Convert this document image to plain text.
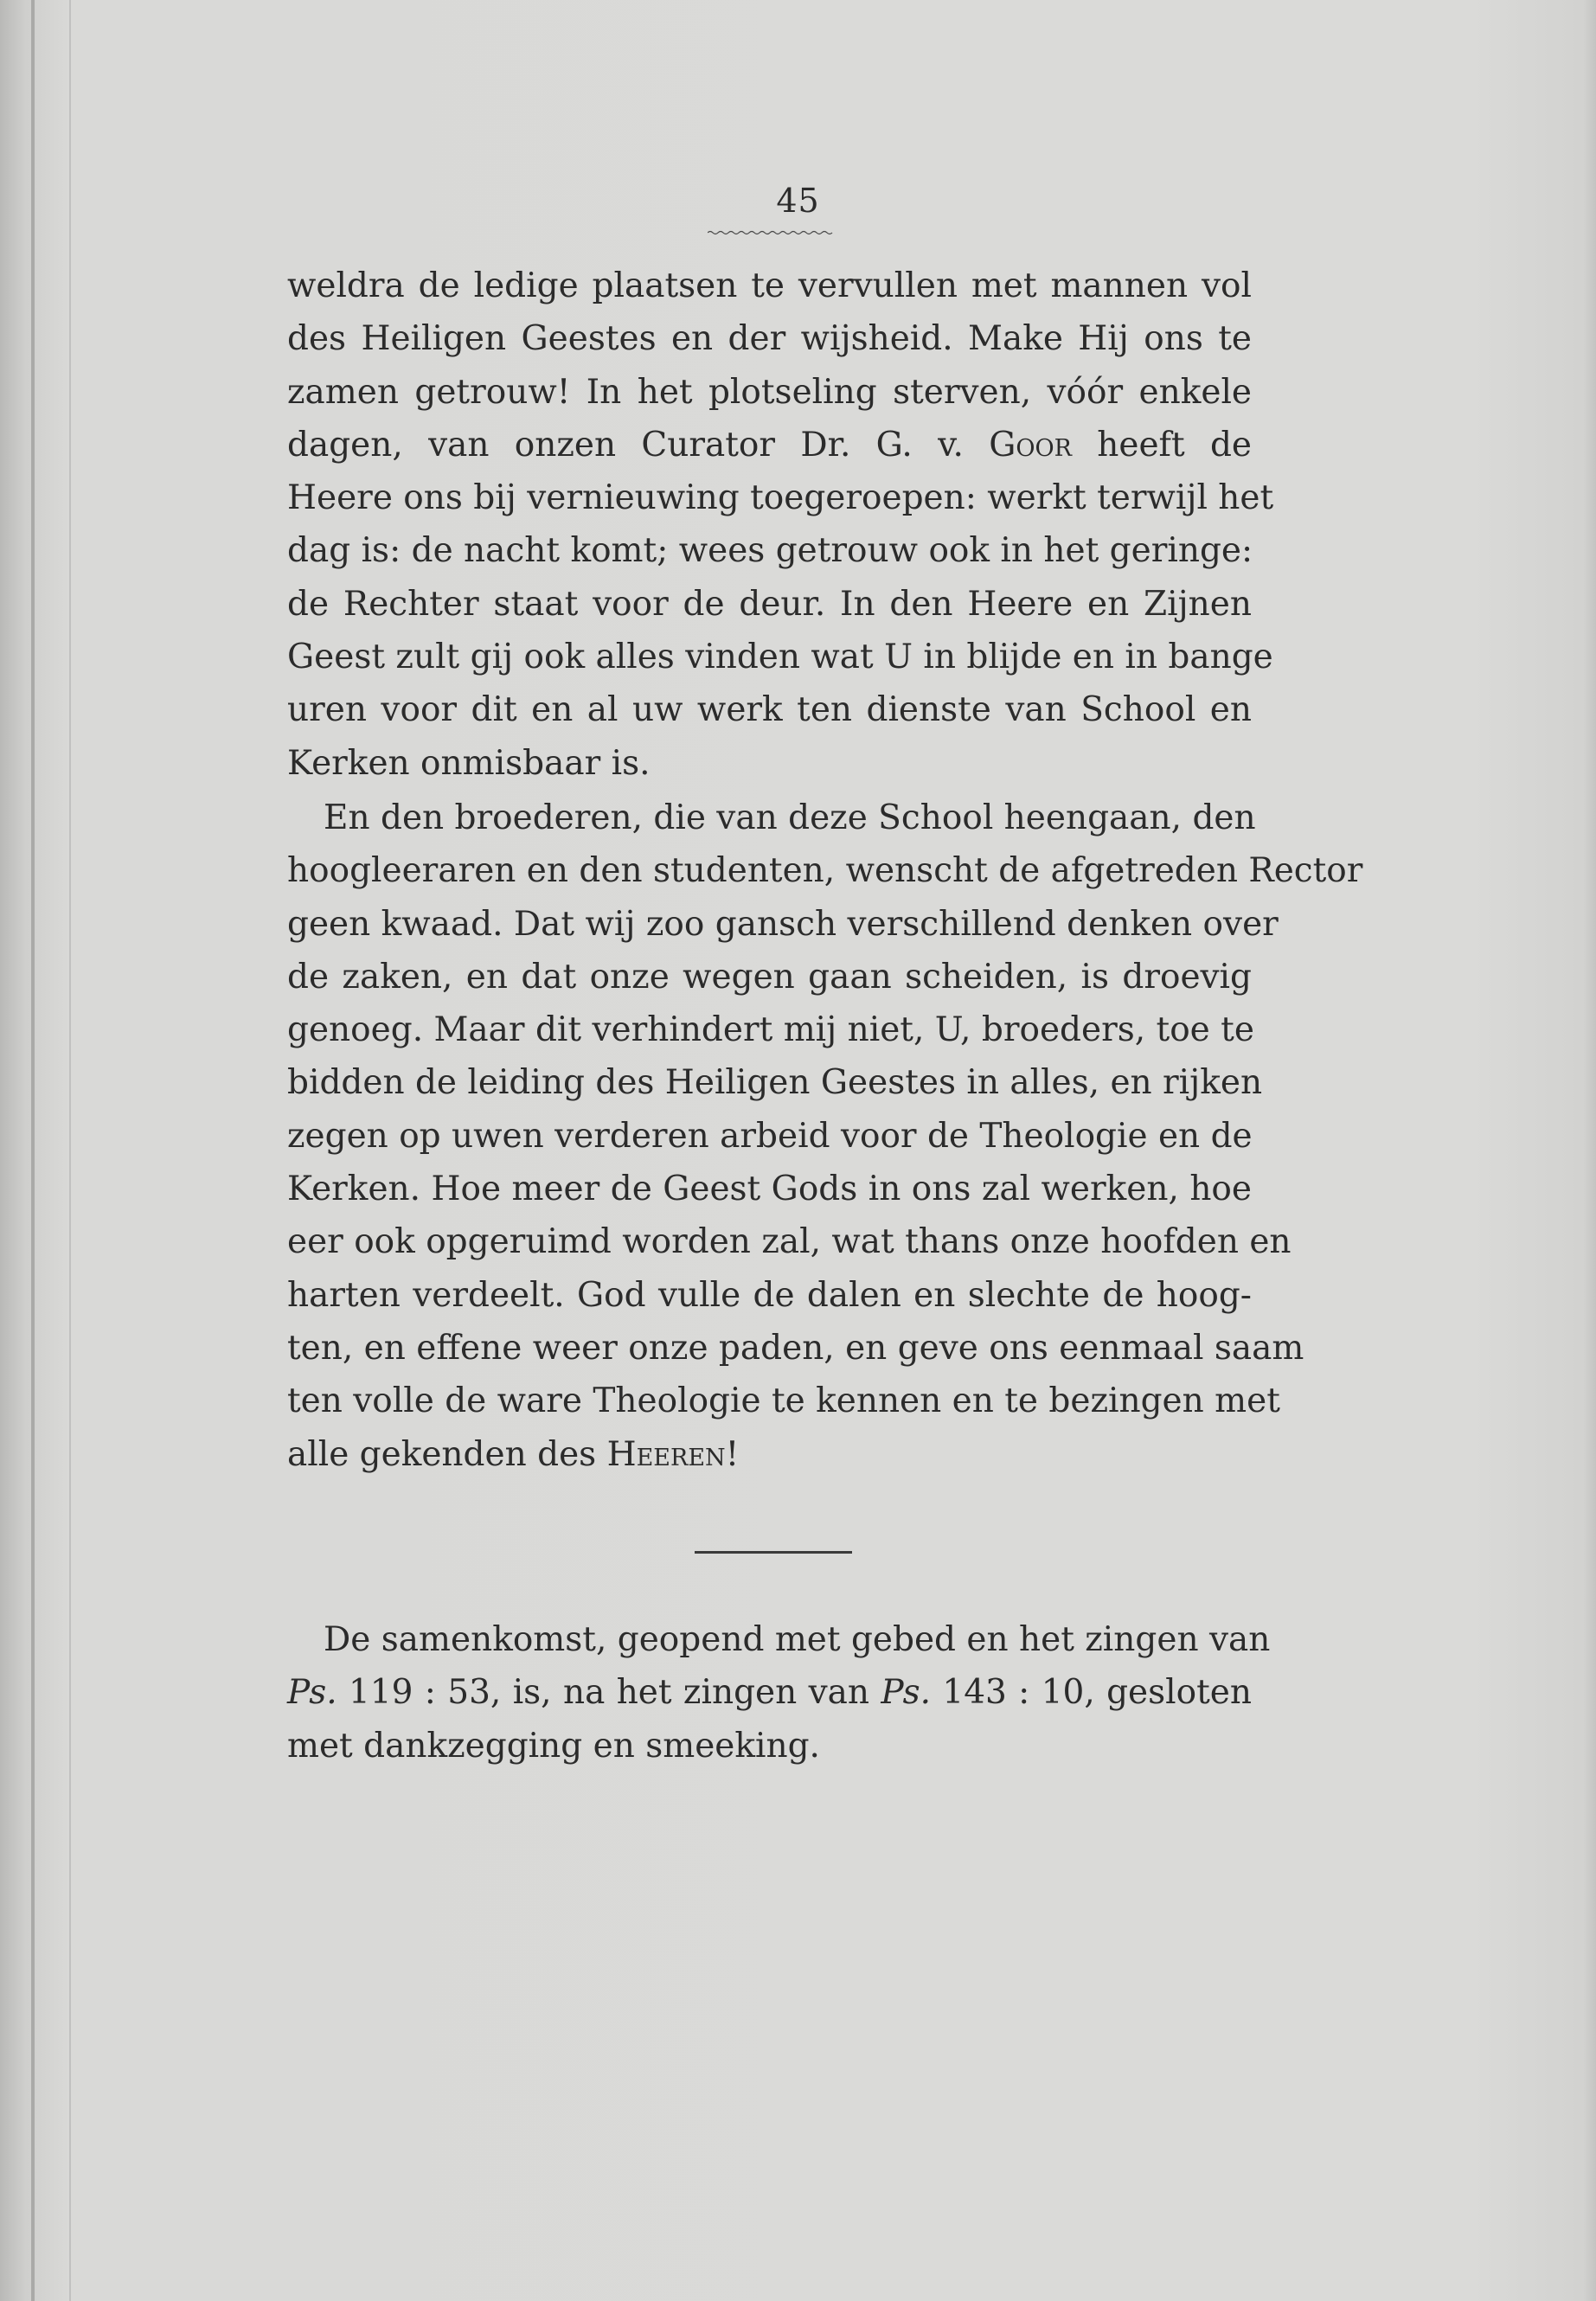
45
weldra de ledige plaatsen te vervullen met mannen vol
des Heiligen Geestes en der wijsheid. Make Hij ons te
zamen getrouw! In het plotseling sterven, vóór enkele
dagen, van onzen Curator Dr. G. v. Goor heeft de
Heere ons bij vernieuwing toegeroepen: werkt terwijl het
dag is: de nacht komt; wees getrouw ook in het geringe:
de Rechter staat voor de deur. In den Heere en Zijnen
Geest zult gij ook alles vinden wat U in blijde en in bange
uren voor dit en al uw werk ten dienste van School en
Kerken onmisbaar is.
En den broederen, die van deze School heengaan, den
hoogleeraren en den studenten, wenscht de afgetreden Rector
geen kwaad. Dat wij zoo gansch verschillend denken over
de zaken, en dat onze wegen gaan scheiden, is droevig
genoeg. Maar dit verhindert mij niet, U, broeders, toe te
bidden de leiding des Heiligen Geestes in alles, en rijken
zegen op uwen verderen arbeid voor de Theologie en de
Kerken. Hoe meer de Geest Gods in ons zal werken, hoe
eer ook opgeruimd worden zal, wat thans onze hoofden en
harten verdeelt. God vulle de dalen en slechte de hoog-
ten, en effene weer onze paden, en geve ons eenmaal saam
ten volle de ware Theologie te kennen en te bezingen met
alle gekenden des Heeren!
De samenkomst, geopend met gebed en het zingen van
Ps. 119 : 53, is, na het zingen van Ps. 143 : 10, gesloten
met dankzegging en smeeking.
